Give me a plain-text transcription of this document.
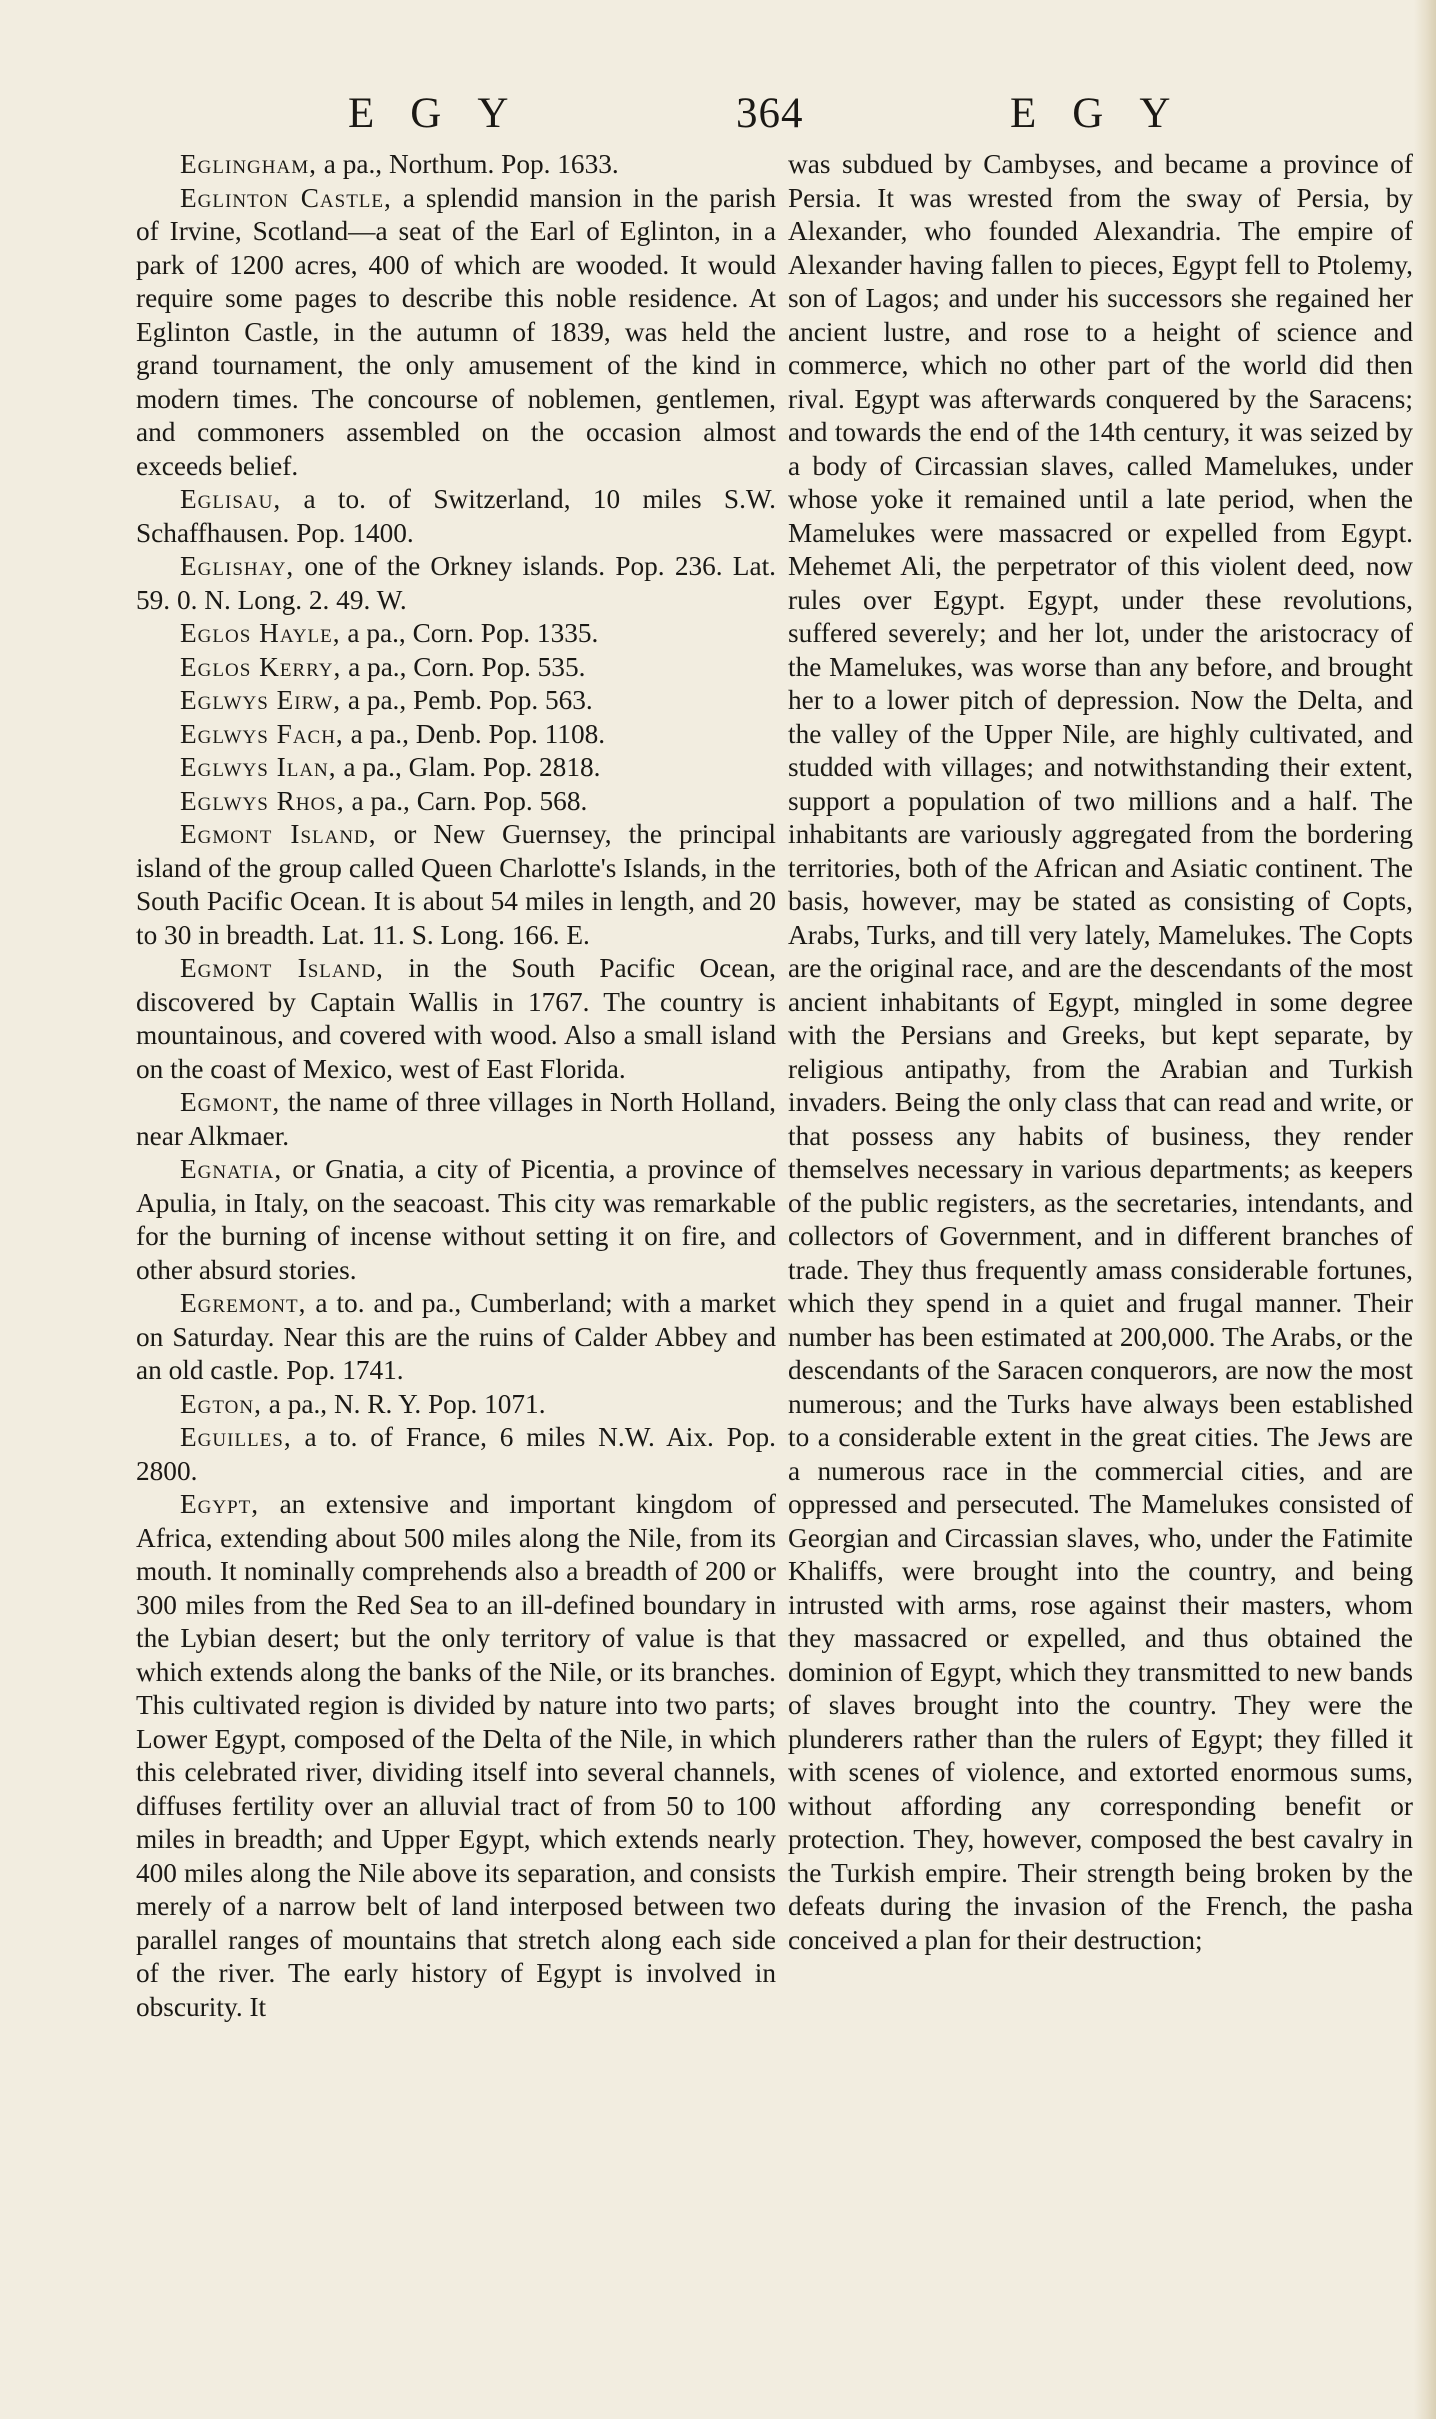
EGY	364	EGY

Eglingham, a pa., Northum. Pop. 1633.

Eglinton Castle, a splendid mansion in the parish of Irvine, Scotland—a seat of the Earl of Eglinton, in a park of 1200 acres, 400 of which are wooded. It would require some pages to describe this noble residence. At Eglinton Castle, in the autumn of 1839, was held the grand tournament, the only amusement of the kind in modern times. The concourse of noblemen, gentlemen, and commoners assembled on the occasion almost exceeds belief.

Eglisau, a to. of Switzerland, 10 miles S.W. Schaffhausen. Pop. 1400.

Eglishay, one of the Orkney islands. Pop. 236. Lat. 59. 0. N. Long. 2. 49. W.

Eglos Hayle, a pa., Corn. Pop. 1335.

Eglos Kerry, a pa., Corn. Pop. 535.

Eglwys Eirw, a pa., Pemb. Pop. 563.

Eglwys Fach, a pa., Denb. Pop. 1108.

Eglwys Ilan, a pa., Glam. Pop. 2818.

Eglwys Rhos, a pa., Carn. Pop. 568.

Egmont Island, or New Guernsey, the principal island of the group called Queen Charlotte's Islands, in the South Pacific Ocean. It is about 54 miles in length, and 20 to 30 in breadth. Lat. 11. S. Long. 166. E.

Egmont Island, in the South Pacific Ocean, discovered by Captain Wallis in 1767. The country is mountainous, and covered with wood. Also a small island on the coast of Mexico, west of East Florida.

Egmont, the name of three villages in North Holland, near Alkmaer.

Egnatia, or Gnatia, a city of Picentia, a province of Apulia, in Italy, on the seacoast. This city was remarkable for the burning of incense without setting it on fire, and other absurd stories.

Egremont, a to. and pa., Cumberland; with a market on Saturday. Near this are the ruins of Calder Abbey and an old castle. Pop. 1741.

Egton, a pa., N. R. Y. Pop. 1071.

Eguilles, a to. of France, 6 miles N.W. Aix. Pop. 2800.

Egypt, an extensive and important kingdom of Africa, extending about 500 miles along the Nile, from its mouth. It nominally comprehends also a breadth of 200 or 300 miles from the Red Sea to an ill-defined boundary in the Lybian desert; but the only territory of value is that which extends along the banks of the Nile, or its branches. This cultivated region is divided by nature into two parts; Lower Egypt, composed of the Delta of the Nile, in which this celebrated river, dividing itself into several channels, diffuses fertility over an alluvial tract of from 50 to 100 miles in breadth; and Upper Egypt, which extends nearly 400 miles along the Nile above its separation, and consists merely of a narrow belt of land interposed between two parallel ranges of mountains that stretch along each side of the river. The early history of Egypt is involved in obscurity. It

was subdued by Cambyses, and became a province of Persia. It was wrested from the sway of Persia, by Alexander, who founded Alexandria. The empire of Alexander having fallen to pieces, Egypt fell to Ptolemy, son of Lagos; and under his successors she regained her ancient lustre, and rose to a height of science and commerce, which no other part of the world did then rival. Egypt was afterwards conquered by the Saracens; and towards the end of the 14th century, it was seized by a body of Circassian slaves, called Mamelukes, under whose yoke it remained until a late period, when the Mamelukes were massacred or expelled from Egypt. Mehemet Ali, the perpetrator of this violent deed, now rules over Egypt. Egypt, under these revolutions, suffered severely; and her lot, under the aristocracy of the Mamelukes, was worse than any before, and brought her to a lower pitch of depression. Now the Delta, and the valley of the Upper Nile, are highly cultivated, and studded with villages; and notwithstanding their extent, support a population of two millions and a half. The inhabitants are variously aggregated from the bordering territories, both of the African and Asiatic continent. The basis, however, may be stated as consisting of Copts, Arabs, Turks, and till very lately, Mamelukes. The Copts are the original race, and are the descendants of the most ancient inhabitants of Egypt, mingled in some degree with the Persians and Greeks, but kept separate, by religious antipathy, from the Arabian and Turkish invaders. Being the only class that can read and write, or that possess any habits of business, they render themselves necessary in various departments; as keepers of the public registers, as the secretaries, intendants, and collectors of Government, and in different branches of trade. They thus frequently amass considerable fortunes, which they spend in a quiet and frugal manner. Their number has been estimated at 200,000. The Arabs, or the descendants of the Saracen conquerors, are now the most numerous; and the Turks have always been established to a considerable extent in the great cities. The Jews are a numerous race in the commercial cities, and are oppressed and persecuted. The Mamelukes consisted of Georgian and Circassian slaves, who, under the Fatimite Khaliffs, were brought into the country, and being intrusted with arms, rose against their masters, whom they massacred or expelled, and thus obtained the dominion of Egypt, which they transmitted to new bands of slaves brought into the country. They were the plunderers rather than the rulers of Egypt; they filled it with scenes of violence, and extorted enormous sums, without affording any corresponding benefit or protection. They, however, composed the best cavalry in the Turkish empire. Their strength being broken by the defeats during the invasion of the French, the pasha conceived a plan for their destruction;
